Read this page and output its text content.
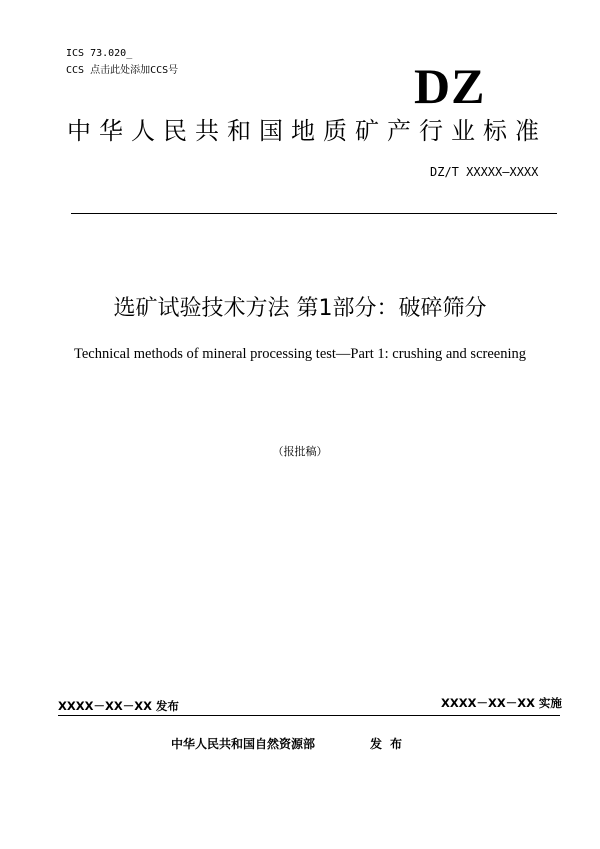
ICS 73.020_
CCS 点击此处添加CCS号	DZ
中华人民共和国地质矿产行业标准
DZ/T XXXXX—XXXX
选矿试验技术方法 第1部分：破碎筛分
Technical methods of mineral processing test—Part 1: crushing and screening
（报批稿）
XXXX－XX－XX 发布	XXXX－XX－XX 实施
中华人民共和国自然资源部	发布
